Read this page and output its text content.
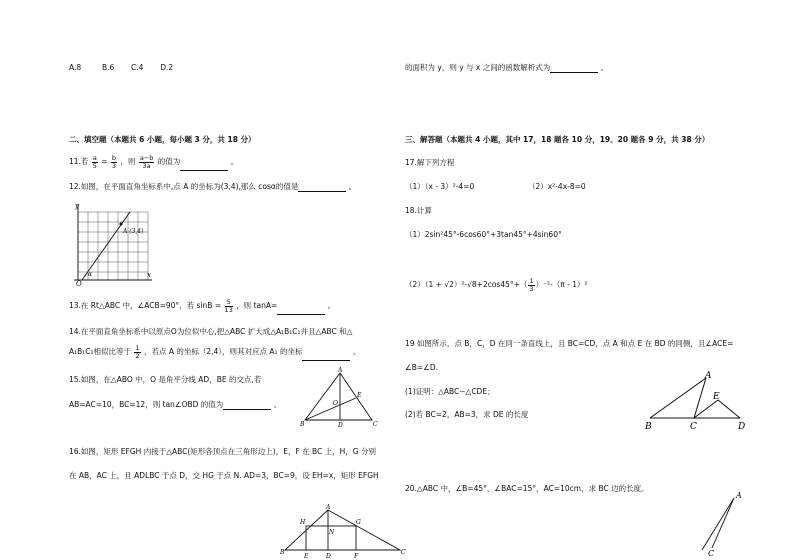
A.8	B.6 C.4 D.2
二、填空题（本题共 6 小题，每小题 3 分，共 18 分）
11.若 $\frac{a}{5} = \frac{b}{3}$ ，则 $\frac{a-b}{3a}$ 的值为	。
12.如图，在平面直角坐标系中,点 A 的坐标为(3,4),那么 cosα的值是	。
y
x
O
α
A (3,4)
13.在 Rt△ABC 中，∠ACB=90°，若 $\sin B = \frac{5}{13}$ ，则 tanA=	。
14.在平面直角坐标系中以原点O为位似中心,把△ABC 扩大成△A₁B₁C₁并且△ABC 和△
A₁B₁C₁相似比等于 $\frac{1}{2}$ ，若点 A 的坐标（2,4），则其对应点 A₁ 的坐标	。
15.如图，在△ABO 中，O 是角平分线 AD，BE 的交点,若
AB=AC=10，BC=12，则 tan∠OBD 的值为	。
A
B	C
D
E
O
16.如图，矩形 EFGH 内接于△ABC(矩形各顶点在三角形边上)，E，F 在 BC 上，H，G 分别
在 AB，AC 上，且 ADLBC 于点 D，交 HG 于点 N. AD=3，BC=9，设 EH=x，矩形 EFGH
A
B	C
D
E	F
G
H
N
的面积为 y，则 y 与 x 之间的函数解析式为	。
三、解答题（本题共 4 小题，其中 17，18 题各 10 分，19、20 题各 9 分，共 38 分）
17.解下列方程
（1）（x - 3）²-4=0	（2）x²-4x-8=0
18.计算
（1）2sin²45°-6cos60°+3tan45°+4sin60°
$(2)(1 + √2)^2-√8+2\cos 45^\circ+( \frac{1}{3} )^{-2}-(\pi - 1)^2$
19 如图所示，点 B，C，D 在同一条直线上，且 BC=CD，点 A 和点 E 在 BD 的同侧，且∠ACE=
∠B=∠D.
(1)证明：△ABC∽△CDE；
(2)若 BC=2，AB=3，求 DE 的长度
A
B	C	D
E
20.△ABC 中，∠B=45°，∠BAC=15°，AC=10cm，求 BC 边的长度。
A
C
